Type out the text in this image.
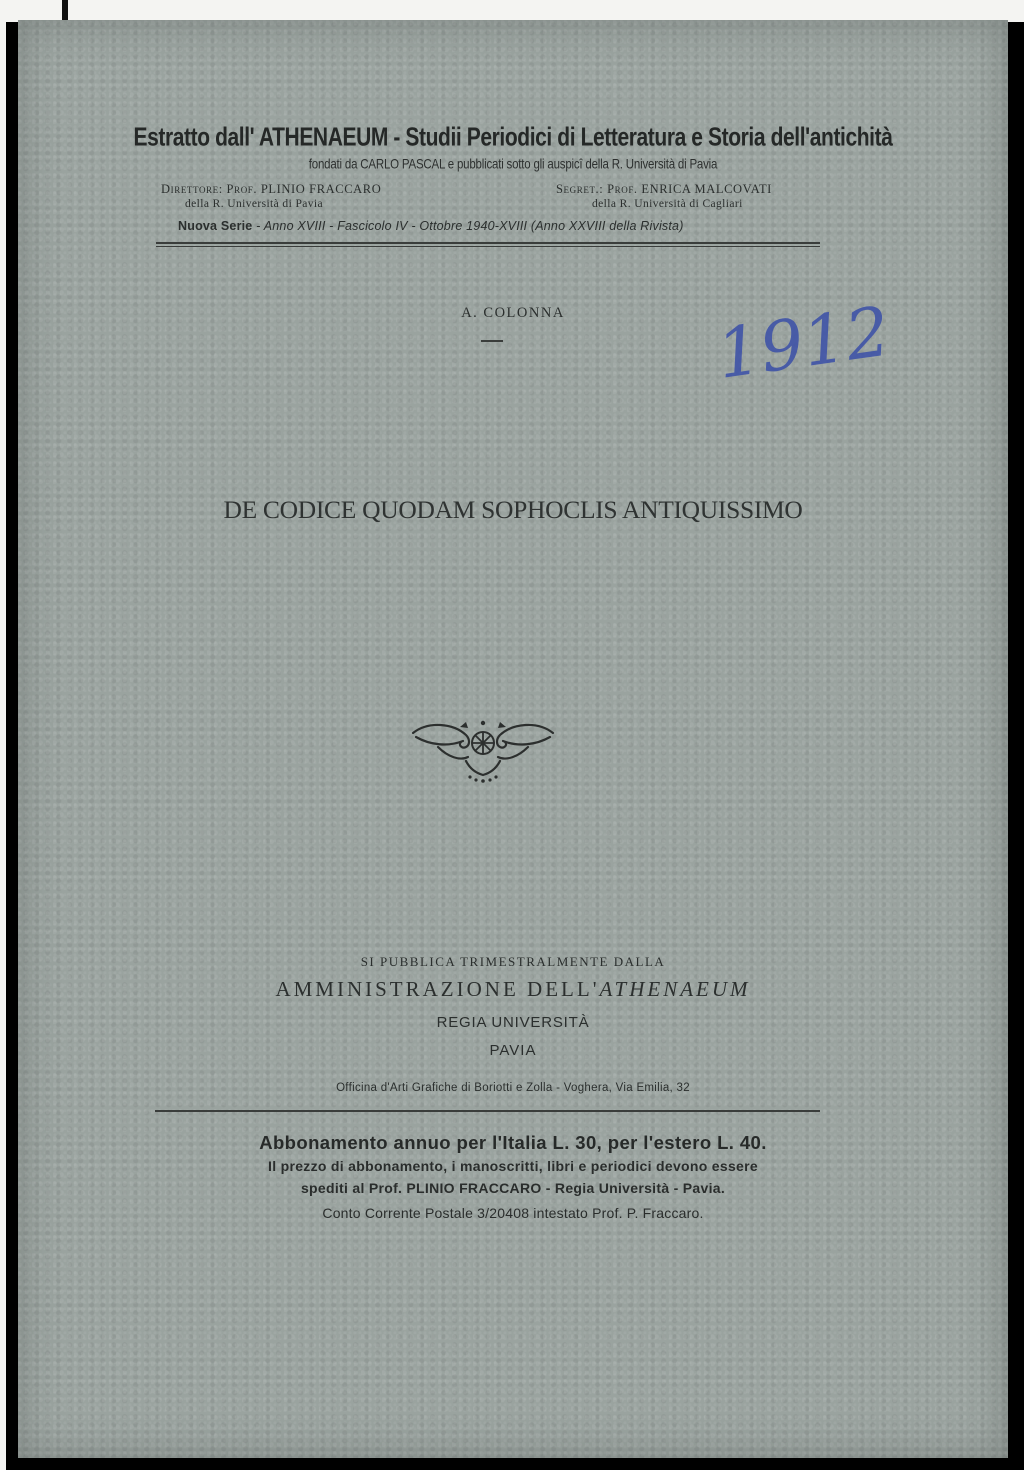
Estratto dall' ATHENAEUM - Studii Periodici di Letteratura e Storia dell'antichità
fondati da CARLO PASCAL e pubblicati sotto gli auspicî della R. Università di Pavia
Direttore: Prof. PLINIO FRACCARO
della R. Università di Pavia
Segret.: Prof. ENRICA MALCOVATI
della R. Università di Cagliari
Nuova Serie - Anno XVIII - Fascicolo IV - Ottobre 1940-XVIII (Anno XXVIII della Rivista)
A. COLONNA	1912
DE CODICE QUODAM SOPHOCLIS ANTIQUISSIMO
SI PUBBLICA TRIMESTRALMENTE DALLA
AMMINISTRAZIONE DELL'ATHENAEUM
REGIA UNIVERSITÀ
PAVIA
Officina d'Arti Grafiche di Boriotti e Zolla - Voghera, Via Emilia, 32
Abbonamento annuo per l'Italia L. 30, per l'estero L. 40.
Il prezzo di abbonamento, i manoscritti, libri e periodici devono essere
spediti al Prof. PLINIO FRACCARO - Regia Università - Pavia.
Conto Corrente Postale 3/20408 intestato Prof. P. Fraccaro.
